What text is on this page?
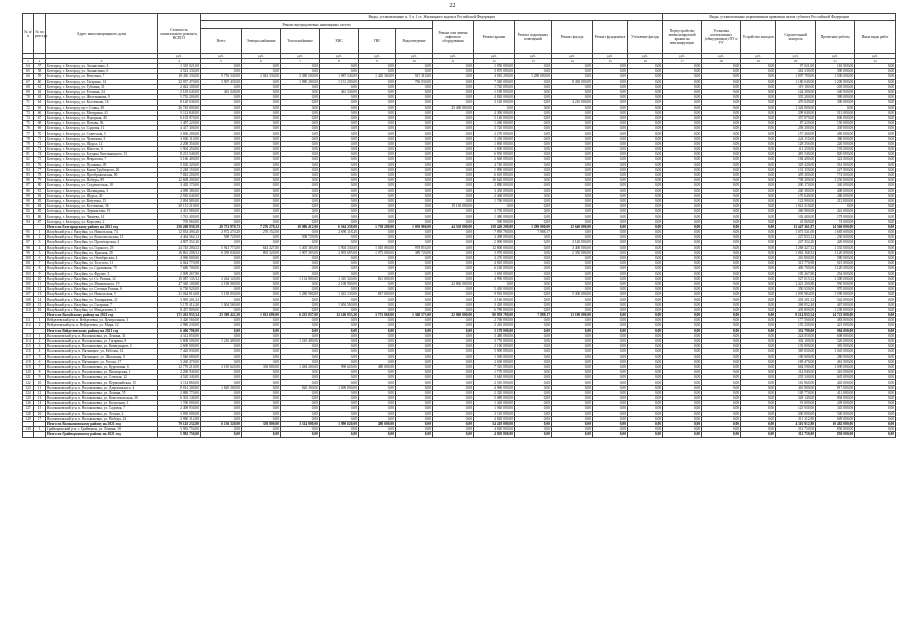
22
№ п/п	№ по реестру	Адрес многоквартирного дома	Стоимость капитального ремонта, ВСЕГО	Виды, установленные п. 3 ч. 1 ст. Жилищного кодекса Российской Федерации												Виды, установленные нормативным правовым актом субъекта Российской Федерации					
				Ремонт внутридомовых инженерных систем						Ремонт или замена лифтового оборудования	Ремонт крыши	Ремонт подвальных помещений	Ремонт фасада	Ремонт фундамента	Утепление фасада	Переустройство невентилируемой крыши на вентилируемую	Установка коллективных (общедомовых) ПУ и УУ	Устройство выходов	Строительный контроль	Проектные работы	Иные виды работ
				Всего	Электроснабжение	Теплоснабжение	ХВС	ГВС	Водоотведение												
			руб.	руб.	руб.	руб.	руб.	руб.	руб.	руб.	руб.	руб.	руб.	руб.	руб.	руб.	руб.	руб.	руб.	руб.	руб.
1	2	3	4	5	6	7	8	9	10	11	12	13	14	15	16	17	18	19	20	21	22
64	57	Белгород, г. Белгород, ул. Апанасенко, 4	1 310 021,00	0,00	0,00	0,00	0,00	0,00	0,00	0,00	1 050 000,00	0,00	0,00	0,00	0,00	0,00	0,00	0,00	97 021,00	163 000,00	0,00
65	58	Белгород, г. Белгород, ул. Апанасенко, 6	4 523 330,00	0,00	0,00	0,00	0,00	0,00	0,00	0,00	3 870 000,00	0,00	0,00	0,00	0,00	0,00	0,00	0,00	263 330,00	390 000,00	0,00
66	59	Белгород, г. Белгород, ул. Ватутина, 7	18 456 330,00	9 759 340,00	2 043 530,00	3 380 500,00	1 987 540,00	1 420 360,00	927 410,00	0,00	4 810 200,00	1 289 000,00	0,00	0,00	0,00	0,00	0,00	0,00	1 097 790,00	1 500 000,00	0,00
67	60	Белгород, г. Белгород, ул. Гагарина, 14	22 057 470,00	3 907 430,00	0,00	1 980 200,00	1 131 200,00	0,00	796 030,00	0,00	7 340 000,00	0,00	8 430 000,00	0,00	0,00	0,00	0,00	0,00	1 180 040,00	1 200 000,00	0,00
68	61	Белгород, г. Белгород, ул. Губкина, 21	2 042 100,00	0,00	0,00	0,00	0,00	0,00	0,00	0,00	1 720 000,00	0,00	0,00	0,00	0,00	0,00	0,00	0,00	119 100,00	203 000,00	0,00
69	62	Белгород, г. Белгород, ул. Есенина, 24	2 105 640,00	461 340,00	0,00	0,00	461 340,00	0,00	0,00	0,00	1 180 000,00	0,00	0,00	0,00	0,00	0,00	0,00	0,00	124 300,00	340 000,00	0,00
70	63	Белгород, г. Белгород, ул. Железнякова, 9	5 735 200,00	0,00	0,00	0,00	0,00	0,00	0,00	0,00	4 820 000,00	0,00	0,00	0,00	0,00	0,00	0,00	0,00	335 200,00	580 000,00	0,00
71	64	Белгород, г. Белгород, ул. Костюкова, 16	8 120 040,00	0,00	0,00	0,00	0,00	0,00	0,00	0,00	3 140 000,00	0,00	4 210 000,00	0,00	0,00	0,00	0,00	0,00	470 040,00	300 000,00	0,00
72	65	Белгород, г. Белгород, пр-т Славы, 30	26 745 000,00	0,00	0,00	0,00	0,00	0,00	0,00	25 400 000,00	0,00	0,00	0,00	0,00	0,00	0,00	0,00	0,00	1 345 000,00	0,00	0,00
73	66	Белгород, г. Белгород, ул. Мичурина, 41	5 112 840,00	0,00	0,00	0,00	0,00	0,00	0,00	0,00	4 300 000,00	0,00	0,00	0,00	0,00	0,00	0,00	0,00	299 840,00	513 000,00	0,00
74	67	Белгород, г. Белгород, ул. Народная, 40	6 103 870,00	0,00	0,00	0,00	0,00	0,00	0,00	0,00	5 140 000,00	0,00	0,00	0,00	0,00	0,00	0,00	0,00	357 870,00	606 000,00	0,00
75	68	Белгород, г. Белгород, ул. Попова, 36	1 497 220,00	0,00	0,00	0,00	0,00	0,00	0,00	0,00	1 260 000,00	0,00	0,00	0,00	0,00	0,00	0,00	0,00	87 220,00	150 000,00	0,00
76	69	Белгород, г. Белгород, ул. Садовая, 11	4 417 300,00	0,00	0,00	0,00	0,00	0,00	0,00	0,00	3 720 000,00	0,00	0,00	0,00	0,00	0,00	0,00	0,00	258 300,00	439 000,00	0,00
77	70	Белгород, г. Белгород, ул. Советская, 5	2 696 200,00	0,00	0,00	0,00	0,00	0,00	0,00	0,00	2 270 000,00	0,00	0,00	0,00	0,00	0,00	0,00	0,00	157 200,00	269 000,00	0,00
78	71	Белгород, г. Белгород, ул. Чумичова, 3	3 840 110,00	0,00	0,00	0,00	0,00	0,00	0,00	0,00	3 230 000,00	0,00	0,00	0,00	0,00	0,00	0,00	0,00	224 110,00	386 000,00	0,00
79	72	Белгород, г. Белгород, ул. Щорса, 12	2 208 350,00	0,00	0,00	0,00	0,00	0,00	0,00	0,00	1 860 000,00	0,00	0,00	0,00	0,00	0,00	0,00	0,00	128 350,00	220 000,00	0,00
80	73	Белгород, г. Белгород, ул. Юности, 6	1 904 250,00	0,00	0,00	0,00	0,00	0,00	0,00	0,00	1 600 000,00	0,00	0,00	0,00	0,00	0,00	0,00	0,00	111 250,00	193 000,00	0,00
81	74	Белгород, г. Белгород, ул. Богдана Хмельницкого, 51	8 231 540,00	0,00	0,00	0,00	0,00	0,00	0,00	0,00	6 930 000,00	0,00	0,00	0,00	0,00	0,00	0,00	0,00	481 540,00	820 000,00	0,00
82	75	Белгород, г. Белгород, ул. Некрасова, 7	3 166 400,00	0,00	0,00	0,00	0,00	0,00	0,00	0,00	2 660 000,00	0,00	0,00	0,00	0,00	0,00	0,00	0,00	184 400,00	322 000,00	0,00
83	76	Белгород, г. Белгород, ул. Пушкина, 49	5 630 420,00	0,00	0,00	0,00	0,00	0,00	0,00	0,00	4 740 000,00	0,00	0,00	0,00	0,00	0,00	0,00	0,00	329 420,00	561 000,00	0,00
84	77	Белгород, г. Белгород, ул. Князя Трубецкого, 26	2 248 150,00	0,00	0,00	0,00	0,00	0,00	0,00	0,00	1 890 000,00	0,00	0,00	0,00	0,00	0,00	0,00	0,00	131 150,00	227 000,00	0,00
85	78	Белгород, г. Белгород, ул. Преображенская, 80	7 843 200,00	0,00	0,00	0,00	0,00	0,00	0,00	0,00	6 610 000,00	0,00	0,00	0,00	0,00	0,00	0,00	0,00	459 200,00	774 000,00	0,00
86	79	Белгород, г. Белгород, ул. Победы, 89	12 608 200,00	0,00	0,00	0,00	0,00	0,00	0,00	0,00	10 620 000,00	0,00	0,00	0,00	0,00	0,00	0,00	0,00	738 200,00	1 250 000,00	0,00
87	80	Белгород, г. Белгород, ул. Студенческая, 18	3 420 170,00	0,00	0,00	0,00	0,00	0,00	0,00	0,00	2 880 000,00	0,00	0,00	0,00	0,00	0,00	0,00	0,00	200 170,00	340 000,00	0,00
88	81	Белгород, г. Белгород, ул. Шаландина, 3	4 098 380,00	0,00	0,00	0,00	0,00	0,00	0,00	0,00	3 450 000,00	0,00	0,00	0,00	0,00	0,00	0,00	0,00	240 380,00	408 000,00	0,00
89	82	Белгород, г. Белгород, ул. Щорса, 45	2 916 640,00	0,00	0,00	0,00	0,00	0,00	0,00	0,00	2 460 000,00	0,00	0,00	0,00	0,00	0,00	0,00	0,00	170 640,00	286 000,00	0,00
90	83	Белгород, г. Белгород, ул. Ватутина, 15	2 094 980,00	0,00	0,00	0,00	0,00	0,00	0,00	0,00	1 760 000,00	0,00	0,00	0,00	0,00	0,00	0,00	0,00	122 980,00	212 000,00	0,00
91	84	Белгород, г. Белгород, ул. Костюкова, 36	20 151 210,00	0,00	0,00	0,00	0,00	0,00	0,00	19 130 000,00	0,00	0,00	0,00	0,00	0,00	0,00	0,00	0,00	1 021 210,00	0,00	0,00
92	85	Белгород, г. Белгород, ул. Лермонтова, 19	4 451 980,00	0,00	0,00	0,00	0,00	0,00	0,00	0,00	3 750 000,00	0,00	0,00	0,00	0,00	0,00	0,00	0,00	260 980,00	441 000,00	0,00
93	86	Белгород, г. Белгород, ул. Чапаева, 14	1 761 400,00	0,00	0,00	0,00	0,00	0,00	0,00	0,00	1 480 000,00	0,00	0,00	0,00	0,00	0,00	0,00	0,00	102 400,00	179 000,00	0,00
94	87	Белгород, г. Белгород, ул. Королева, 2	705 060,00	0,00	0,00	0,00	0,00	0,00	0,00	0,00	590 000,00	0,00	0,00	0,00	0,00	0,00	0,00	0,00	41 060,00	74 000,00	0,00
		Итого по Белгородскому району на 2021 год	250 268 830,59	20 751 970,72	7 276 278,22	10 086 412,00	6 564 230,00	1 730 200,00	1 050 960,00	44 530 000,00	158 420 200,00	1 289 000,00	12 640 000,00	0,00	0,00	0,00	0,00	0,00	13 447 361,87	14 360 000,00	0,00
95	1	Валуйский р-н, г. Валуйки, ул. Никольская, 74	12 834 490,20	2 972 270,20	276 152,00	0,00	2 696 118,20	0,00	0,00	0,00	7 095 780,00	7 888,17	0,00	0,00	0,00	0,00	0,00	0,00	1 073 541,00	1 685 000,00	0,00
96	2	Валуйский р-н, г. Валуйки, ул. Комсомольская, 15	4 464 562,12	508 729,00	0,00	508 729,00	0,00	0,00	0,00	0,00	3 498 000,00	0,00	0,00	0,00	0,00	0,00	0,00	0,00	227 833,12	230 000,00	0,00
97	3	Валуйский р-н, г. Валуйки, ул. Пролетарская, 4	4 807 352,20	0,00	0,00	0,00	0,00	0,00	0,00	0,00	2 000 000,00	0,00	2 140 000,00	0,00	0,00	0,00	0,00	0,00	247 352,20	420 000,00	0,00
98	4	Валуйский р-н, г. Валуйки, ул. Горького, 29	24 745 200,52	5 941 773,00	643 227,00	1 405 303,00	1 904 330,00	1 010 060,00	978 853,00	0,00	12 800 000,00	0,00	3 400 000,00	0,00	0,00	0,00	0,00	0,00	1 268 427,52	1 335 000,00	0,00
99	5	Валуйский р-н, г. Валуйки, пл. Красная, 28	16 861 208,52	6 359 040,00	893 320,00	1 907 305,00	2 093 695,00	1 075 000,00	389 720,00	0,00	5 970 000,00	0,00	2 350 000,00	0,00	0,00	0,00	0,00	0,00	1 062 168,52	1 120 000,00	0,00
100	6	Валуйский р-н, г. Валуйки, ул. Октябрьская, 4	4 060 800,00	0,00	0,00	0,00	0,00	0,00	0,00	0,00	3 270 000,00	0,00	0,00	0,00	0,00	0,00	0,00	0,00	210 800,00	580 000,00	0,00
101	7	Валуйский р-н, г. Валуйки, ул. Толстого, 11	6 044 770,98	0,00	0,00	0,00	0,00	0,00	0,00	0,00	4 810 000,00	0,00	0,00	0,00	0,00	0,00	0,00	0,00	313 770,98	921 000,00	0,00
102	8	Валуйский р-н, г. Валуйки, ул. Суржикова, 75	7 680 700,00	0,00	0,00	0,00	0,00	0,00	0,00	0,00	6 160 000,00	0,00	0,00	0,00	0,00	0,00	0,00	0,00	400 700,00	1 120 000,00	0,00
103	9	Валуйский р-н, г. Валуйки, ул. Фрунзе, 3	2 009 267,80	0,00	0,00	0,00	0,00	0,00	0,00	0,00	1 650 000,00	0,00	0,00	0,00	0,00	0,00	0,00	0,00	105 267,80	254 000,00	0,00
104	10	Валуйский р-н, г. Валуйки, ул. Ст. Разина, 12	10 087 135,52	3 264 120,00	0,00	1 132 800,00	1 310 320,00	821 000,00	0,00	0,00	4 996 000,00	0,00	0,00	0,00	0,00	0,00	0,00	0,00	527 015,52	1 300 000,00	0,00
105	11	Валуйский р-н, г. Валуйки, ул. Маяковского, 19	27 340 100,88	2 108 900,00	0,00	0,00	2 108 900,00	0,00	0,00	22 860 000,00	0,00	0,00	0,00	0,00	0,00	0,00	0,00	0,00	1 421 200,88	950 000,00	0,00
106	12	Валуйский р-н, г. Валуйки, ул. Степана Разина, 6	6 750 920,00	0,00	0,00	0,00	0,00	0,00	0,00	0,00	5 430 000,00	0,00	0,00	0,00	0,00	0,00	0,00	0,00	350 920,00	970 000,00	0,00
107	13	Валуйский р-н, г. Валуйки, ул. Никольская, 5	21 044 014,08	3 150 030,00	0,00	1 280 900,00	1 022 130,00	847 000,00	0,00	0,00	9 910 000,00	0,00	5 300 000,00	0,00	0,00	0,00	0,00	0,00	1 093 984,08	1 590 000,00	0,00
108	14	Валуйский р-н, г. Валуйки, ул. Тимирязева, 21	3 905 201,52	0,00	0,00	0,00	0,00	0,00	0,00	0,00	3 160 000,00	0,00	0,00	0,00	0,00	0,00	0,00	0,00	203 201,52	542 000,00	0,00
109	15	Валуйский р-н, г. Валуйки, ул. Гагарина, 7	5 170 412,40	1 004 560,00	0,00	0,00	1 004 560,00	0,00	0,00	0,00	3 430 000,00	0,00	0,00	0,00	0,00	0,00	0,00	0,00	268 852,40	467 000,00	0,00
110	16	Валуйский р-н, г. Валуйки, ул. Менделеева, 3	8 457 800,00	0,00	0,00	0,00	0,00	0,00	0,00	0,00	6 780 000,00	0,00	0,00	0,00	0,00	0,00	0,00	0,00	439 800,00	1 238 000,00	0,00
		Итого по Валуйскому району на 2021 год	171 263 935,54	25 309 422,20	1 812 699,00	6 235 037,00	12 140 053,20	3 753 060,00	1 368 573,00	22 860 000,00	80 959 780,00	7 888,17	13 190 000,00	0,00	0,00	0,00	0,00	0,00	8 214 835,54	14 722 000,00	0,00
111	1	Вейделевский р-н, п. Вейделевка, ул. Центральная, 3	3 420 560,00	0,00	0,00	0,00	0,00	0,00	0,00	0,00	2 760 000,00	0,00	0,00	0,00	0,00	0,00	0,00	0,00	177 560,00	483 000,00	0,00
112	2	Вейделевский р-н, п. Вейделевка, ул. Мира, 12	2 986 230,00	0,00	0,00	0,00	0,00	0,00	0,00	0,00	2 410 000,00	0,00	0,00	0,00	0,00	0,00	0,00	0,00	155 230,00	421 000,00	0,00
		Итого по Вейделевскому району на 2021 год	6 406 790,00	0,00	0,00	0,00	0,00	0,00	0,00	0,00	5 170 000,00	0,00	0,00	0,00	0,00	0,00	0,00	0,00	332 790,00	904 000,00	0,00
113	1	Волоконовский р-н, п. Волоконовка, ул. Ленина, 31	4 312 050,00	0,00	0,00	0,00	0,00	0,00	0,00	0,00	3 480 000,00	0,00	0,00	0,00	0,00	0,00	0,00	0,00	224 050,00	608 000,00	0,00
114	2	Волоконовский р-н, п. Волоконовка, ул. Гагарина, 8	5 808 500,00	1 210 400,00	0,00	1 210 400,00	0,00	0,00	0,00	0,00	3 770 000,00	0,00	0,00	0,00	0,00	0,00	0,00	0,00	302 100,00	526 000,00	0,00
115	3	Волоконовский р-н, п. Волоконовка, ул. Коммунаров, 2	2 600 000,00	0,00	0,00	0,00	0,00	0,00	0,00	0,00	2 100 000,00	0,00	0,00	0,00	0,00	0,00	0,00	0,00	135 000,00	365 000,00	0,00
116	4	Волоконовский р-н, п. Пятницкое, ул. Рабочая, 14	7 420 830,00	0,00	0,00	0,00	0,00	0,00	0,00	0,00	5 990 000,00	0,00	0,00	0,00	0,00	0,00	0,00	0,00	385 830,00	1 045 000,00	0,00
117	5	Волоконовский р-н, п. Пятницкое, ул. Школьная, 9	1 940 680,00	0,00	0,00	0,00	0,00	0,00	0,00	0,00	1 560 000,00	0,00	0,00	0,00	0,00	0,00	0,00	0,00	100 680,00	280 000,00	0,00
118	6	Волоконовский р-н, п. Пятницкое, ул. Гоголя, 17	3 260 470,00	0,00	0,00	0,00	0,00	0,00	0,00	0,00	2 630 000,00	0,00	0,00	0,00	0,00	0,00	0,00	0,00	169 470,00	461 000,00	0,00
119	7	Волоконовский р-н, п. Волоконовка, ул. Курочкина, 6	12 770 210,00	3 105 620,00	350 800,00	1 284 200,00	990 620,00	480 000,00	0,00	0,00	7 310 000,00	0,00	0,00	0,00	0,00	0,00	0,00	0,00	664 590,00	1 690 000,00	0,00
120	8	Волоконовский р-н, п. Волоконовка, ул. Пионерская, 1	2 200 940,00	0,00	0,00	0,00	0,00	0,00	0,00	0,00	1 770 000,00	0,00	0,00	0,00	0,00	0,00	0,00	0,00	114 940,00	316 000,00	0,00
121	9	Волоконовский р-н, п. Волоконовка, ул. Степная, 12	4 520 340,00	0,00	0,00	0,00	0,00	0,00	0,00	0,00	3 640 000,00	0,00	0,00	0,00	0,00	0,00	0,00	0,00	235 340,00	645 000,00	0,00
122	10	Волоконовский р-н, п. Волоконовка, ул. Первомайская, 15	3 114 860,00	0,00	0,00	0,00	0,00	0,00	0,00	0,00	2 510 000,00	0,00	0,00	0,00	0,00	0,00	0,00	0,00	161 860,00	443 000,00	0,00
123	11	Волоконовский р-н, п. Волоконовка, ул. Дзержинского, 4	8 014 200,00	1 820 300,00	0,00	820 300,00	1 000 000,00	0,00	0,00	0,00	4 960 000,00	0,00	0,00	0,00	0,00	0,00	0,00	0,00	416 900,00	817 000,00	0,00
124	12	Волоконовский р-н, п. Волоконовка, ул. Ленина, 55	2 880 770,00	0,00	0,00	0,00	0,00	0,00	0,00	0,00	2 320 000,00	0,00	0,00	0,00	0,00	0,00	0,00	0,00	149 770,00	411 000,00	0,00
125	13	Волоконовский р-н, п. Волоконовка, ул. Комсомольская, 20	6 302 140,00	0,00	0,00	0,00	0,00	0,00	0,00	0,00	5 080 000,00	0,00	0,00	0,00	0,00	0,00	0,00	0,00	328 140,00	894 000,00	0,00
126	14	Волоконовский р-н, п. Волоконовка, ул. Колхозная, 3	1 760 000,00	0,00	0,00	0,00	0,00	0,00	0,00	0,00	1 420 000,00	0,00	0,00	0,00	0,00	0,00	0,00	0,00	91 000,00	249 000,00	0,00
127	15	Волоконовский р-н, п. Волоконовка, ул. Садовая, 7	2 408 930,00	0,00	0,00	0,00	0,00	0,00	0,00	0,00	1 940 000,00	0,00	0,00	0,00	0,00	0,00	0,00	0,00	125 930,00	343 000,00	0,00
128	16	Волоконовский р-н, п. Волоконовка, ул. Лесная, 2	3 850 000,00	0,00	0,00	0,00	0,00	0,00	0,00	0,00	3 110 000,00	0,00	0,00	0,00	0,00	0,00	0,00	0,00	200 000,00	540 000,00	0,00
129	17	Волоконовский р-н, п. Волоконовка, ул. Победы, 24	5 980 312,80	0,00	0,00	0,00	0,00	0,00	0,00	0,00	4 820 000,00	0,00	0,00	0,00	0,00	0,00	0,00	0,00	311 312,80	849 000,00	0,00
		Итого по Волоконовскому району на 2021 год	79 145 232,80	6 136 320,00	350 800,00	3 314 900,00	1 990 620,00	480 000,00	0,00	0,00	54 410 000,00	0,00	0,00	0,00	0,00	0,00	0,00	0,00	4 116 912,80	10 482 000,00	0,00
130	1	Грайворонский р-н, г. Грайворон, ул. Ленина, 18	5 982 750,00	0,00	0,00	0,00	0,00	0,00	0,00	0,00	4 820 000,00	0,00	0,00	0,00	0,00	0,00	0,00	0,00	312 750,00	850 000,00	0,00
		Итого по Грайворонскому району на 2021 год	5 982 750,00	0,00	0,00	0,00	0,00	0,00	0,00	0,00	4 820 000,00	0,00	0,00	0,00	0,00	0,00	0,00	0,00	312 750,00	850 000,00	0,00
